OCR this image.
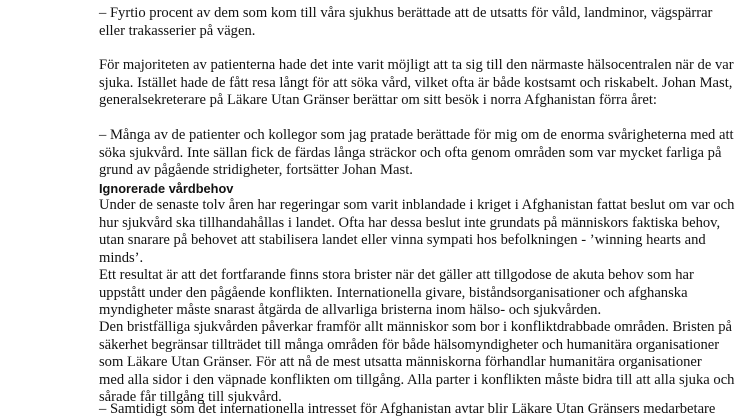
– Fyrtio procent av dem som kom till våra sjukhus berättade att de utsatts för våld, landminor, vägspärrar
eller trakasserier på vägen.

För majoriteten av patienterna hade det inte varit möjligt att ta sig till den närmaste hälsocentralen när de var
sjuka. Istället hade de fått resa långt för att söka vård, vilket ofta är både kostsamt och riskabelt. Johan Mast,
generalsekreterare på Läkare Utan Gränser berättar om sitt besök i norra Afghanistan förra året:

– Många av de patienter och kollegor som jag pratade berättade för mig om de enorma svårigheterna med att
söka sjukvård. Inte sällan fick de färdas långa sträckor och ofta genom områden som var mycket farliga på
grund av pågående stridigheter, fortsätter Johan Mast.

Ignorerade vårdbehov

Under de senaste tolv åren har regeringar som varit inblandade i kriget i Afghanistan fattat beslut om var och
hur sjukvård ska tillhandahållas i landet. Ofta har dessa beslut inte grundats på människors faktiska behov,
utan snarare på behovet att stabilisera landet eller vinna sympati hos befolkningen - ’winning hearts and
minds’.

Ett resultat är att det fortfarande finns stora brister när det gäller att tillgodose de akuta behov som har
uppstått under den pågående konflikten. Internationella givare, biståndsorganisationer och afghanska
myndigheter måste snarast åtgärda de allvarliga bristerna inom hälso- och sjukvården.

Den bristfälliga sjukvården påverkar framför allt människor som bor i konfliktdrabbade områden. Bristen på
säkerhet begränsar tillträdet till många områden för både hälsomyndigheter och humanitära organisationer
som Läkare Utan Gränser. För att nå de mest utsatta människorna förhandlar humanitära organisationer
med alla sidor i den väpnade konflikten om tillgång. Alla parter i konflikten måste bidra till att alla sjuka och
sårade får tillgång till sjukvård.

– Samtidigt som det internationella intresset för Afghanistan avtar blir Läkare Utan Gränsers medarbetare
